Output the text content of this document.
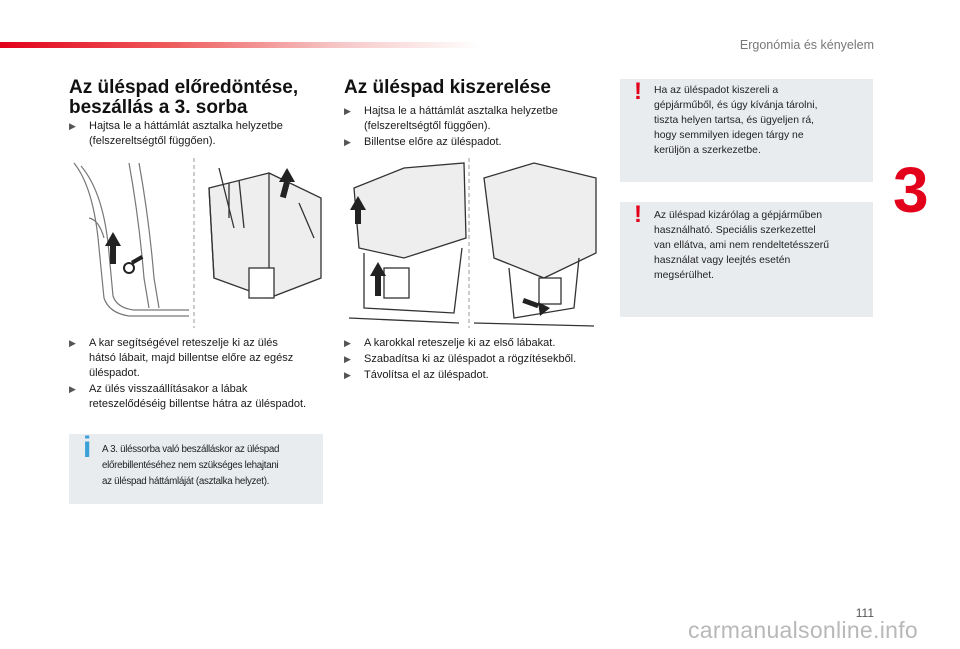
Ergonómia és kényelem
3
Az üléspad előredöntése,
beszállás a 3. sorba
▶ Hajtsa le a háttámlát asztalka helyzetbe
(felszereltségtől függően).
▶ A kar segítségével reteszelje ki az ülés
hátsó lábait, majd billentse előre az egész
üléspadot.
▶ Az ülés visszaállításakor a lábak
reteszelődéséig billentse hátra az üléspadot.
i A 3. üléssorba való beszálláskor az üléspad
előrebillentéséhez nem szükséges lehajtani
az üléspad háttámláját (asztalka helyzet).
Az üléspad kiszerelése
▶ Hajtsa le a háttámlát asztalka helyzetbe
(felszereltségtől függően).
▶ Billentse előre az üléspadot.
▶ A karokkal reteszelje ki az első lábakat.
▶ Szabadítsa ki az üléspadot a rögzítésekből.
▶ Távolítsa el az üléspadot.
! Ha az üléspadot kiszereli a
gépjárműből, és úgy kívánja tárolni,
tiszta helyen tartsa, és ügyeljen rá,
hogy semmilyen idegen tárgy ne
kerüljön a szerkezetbe.
! Az üléspad kizárólag a gépjárműben
használható. Speciális szerkezettel
van ellátva, ami nem rendeltetésszerű
használat vagy leejtés esetén
megsérülhet.
111
carmanualsonline.info
